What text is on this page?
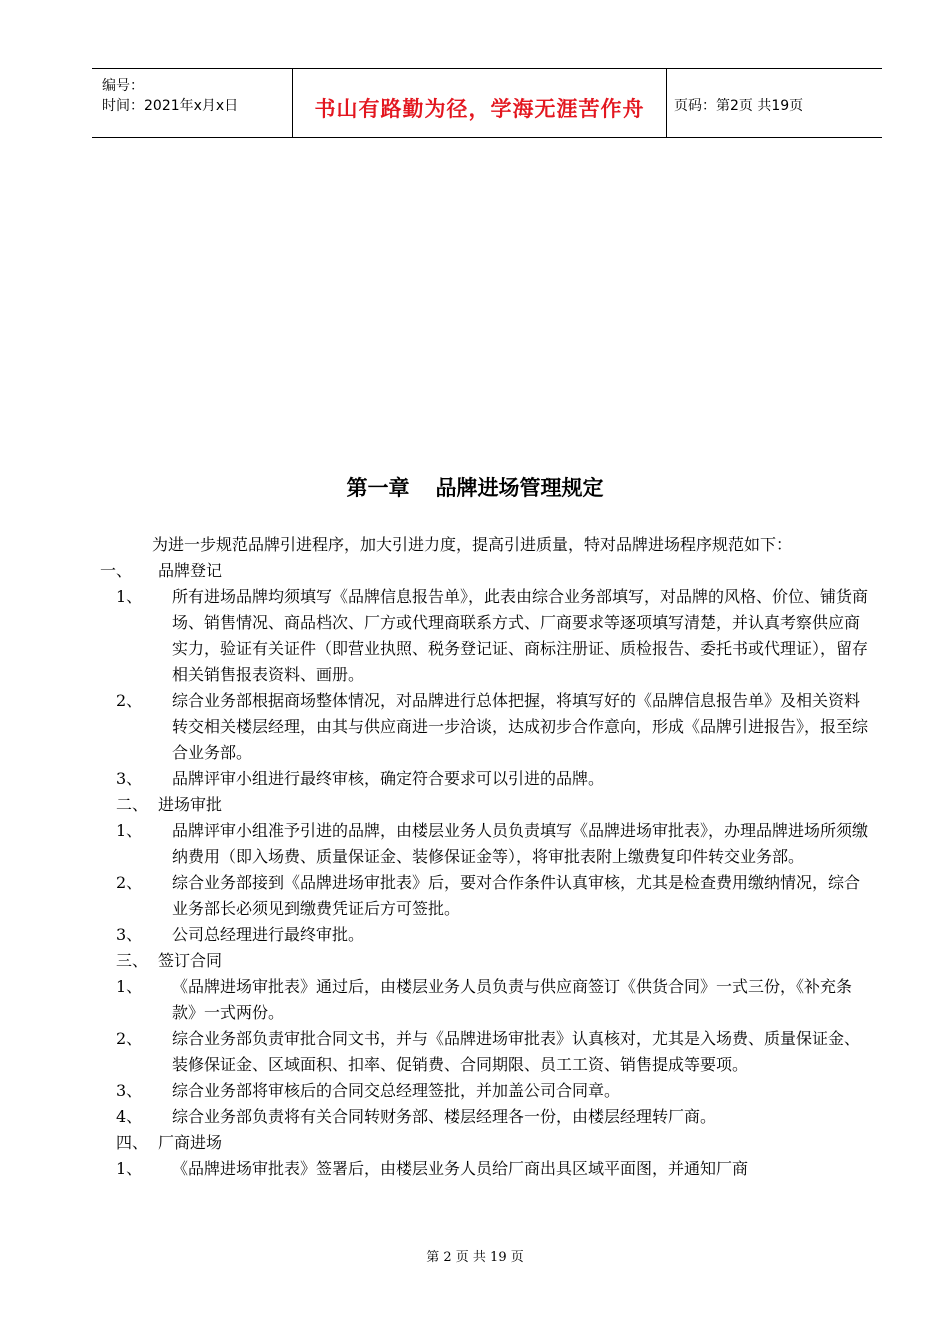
编号：
时间：2021年x月x日	书山有路勤为径，学海无涯苦作舟	页码：第2页 共19页
第一章 品牌进场管理规定

为进一步规范品牌引进程序，加大引进力度，提高引进质量，特对品牌进场程序规范如下：

一、 品牌登记
1、 所有进场品牌均须填写《品牌信息报告单》，此表由综合业务部填写，对品牌的风格、价位、铺货商场、销售情况、商品档次、厂方或代理商联系方式、厂商要求等逐项填写清楚，并认真考察供应商实力，验证有关证件（即营业执照、税务登记证、商标注册证、质检报告、委托书或代理证），留存相关销售报表资料、画册。
2、 综合业务部根据商场整体情况，对品牌进行总体把握，将填写好的《品牌信息报告单》及相关资料转交相关楼层经理，由其与供应商进一步洽谈，达成初步合作意向，形成《品牌引进报告》，报至综合业务部。
3、 品牌评审小组进行最终审核，确定符合要求可以引进的品牌。
二、 进场审批
1、 品牌评审小组准予引进的品牌，由楼层业务人员负责填写《品牌进场审批表》，办理品牌进场所须缴纳费用（即入场费、质量保证金、装修保证金等），将审批表附上缴费复印件转交业务部。
2、 综合业务部接到《品牌进场审批表》后，要对合作条件认真审核，尤其是检查费用缴纳情况，综合业务部长必须见到缴费凭证后方可签批。
3、 公司总经理进行最终审批。
三、 签订合同
1、 《品牌进场审批表》通过后，由楼层业务人员负责与供应商签订《供货合同》一式三份，《补充条款》一式两份。
2、 综合业务部负责审批合同文书，并与《品牌进场审批表》认真核对，尤其是入场费、质量保证金、装修保证金、区域面积、扣率、促销费、合同期限、员工工资、销售提成等要项。
3、 综合业务部将审核后的合同交总经理签批，并加盖公司合同章。
4、 综合业务部负责将有关合同转财务部、楼层经理各一份，由楼层经理转厂商。
四、 厂商进场
1、 《品牌进场审批表》签署后，由楼层业务人员给厂商出具区域平面图，并通知厂商
第 2 页 共 19 页
